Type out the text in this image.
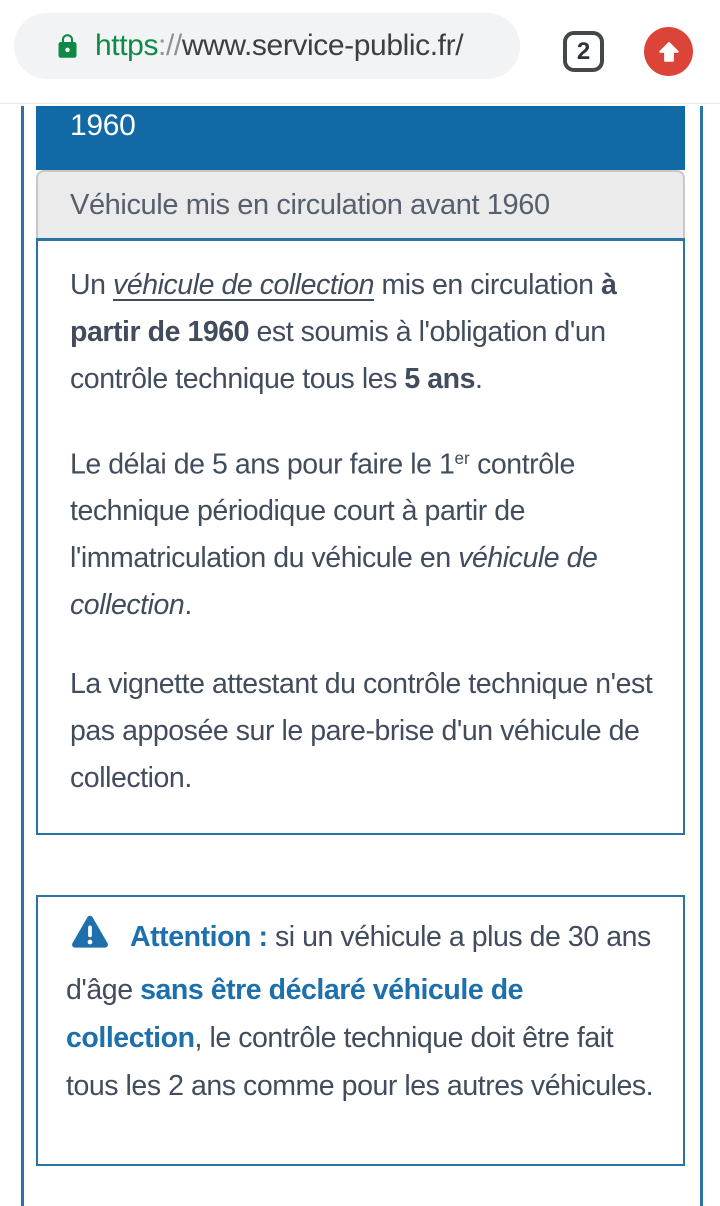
https://www.service-public.fr/	2
1960
Véhicule mis en circulation avant 1960

Un véhicule de collection mis en circulation à partir de 1960 est soumis à l'obligation d'un contrôle technique tous les 5 ans.

Le délai de 5 ans pour faire le 1er contrôle technique périodique court à partir de l'immatriculation du véhicule en véhicule de collection.

La vignette attestant du contrôle technique n'est pas apposée sur le pare-brise d'un véhicule de collection.

Attention : si un véhicule a plus de 30 ans d'âge sans être déclaré véhicule de collection, le contrôle technique doit être fait tous les 2 ans comme pour les autres véhicules.
